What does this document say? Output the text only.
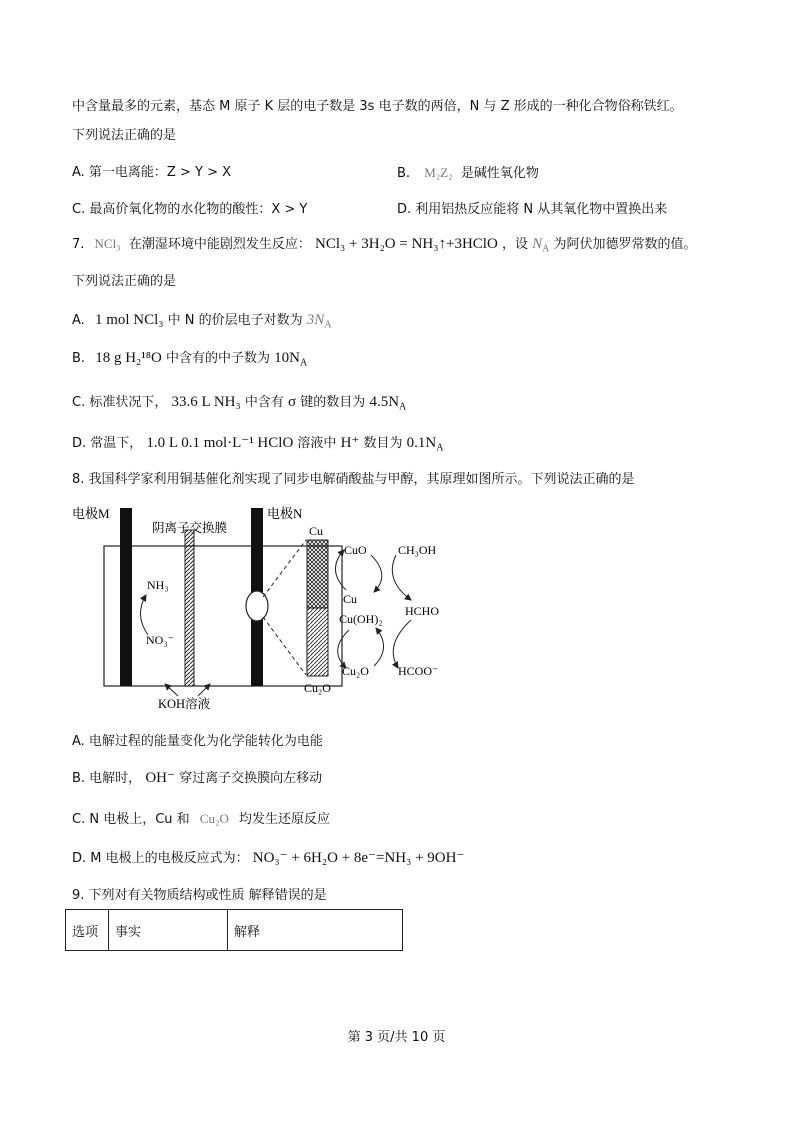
中含量最多的元素，基态 M 原子 K 层的电子数是 3s 电子数的两倍，N 与 Z 形成的一种化合物俗称铁红。
下列说法正确的是
A. 第一电离能：Z > Y > X	B. M₂Z₂ 是碱性氧化物
C. 最高价氧化物的水化物的酸性：X > Y	D. 利用铝热反应能将 N 从其氧化物中置换出来
7. NCl₃ 在潮湿环境中能剧烈发生反应： NCl₃ + 3H₂O = NH₃↑+3HClO ，设 $N_A$ 为阿伏加德罗常数的值。
下列说法正确的是
A. 1 mol NCl₃ 中 N 的价层电子对数为 $3N_A$
B. 18 g H₂¹⁸O 中含有的中子数为 $10N_A$
C. 标准状况下， 33.6 L NH₃ 中含有 σ 键的数目为 $4.5N_A$
D. 常温下， 1.0 L 0.1 mol·L⁻¹ HClO 溶液中 H⁺ 数目为 $0.1N_A$
8. 我国科学家利用铜基催化剂实现了同步电解硝酸盐与甲醇，其原理如图所示。下列说法正确的是
电极M
阴离子交换膜
电极N
NH₃
NO₃⁻
KOH溶液
Cu
Cu₂O
CuO	CH₃OH
Cu
Cu(OH)₂
HCHO
Cu₂O HCOO⁻
A. 电解过程的能量变化为化学能转化为电能
B. 电解时， OH⁻ 穿过离子交换膜向左移动
C. N 电极上，Cu 和 Cu₂O 均发生还原反应
D. M 电极上的电极反应式为： NO₃⁻ + 6H₂O + 8e⁻=NH₃ + 9OH⁻
9. 下列对有关物质结构或性质 解释错误的是
选项	事实	解释
第 3 页/共 10 页
